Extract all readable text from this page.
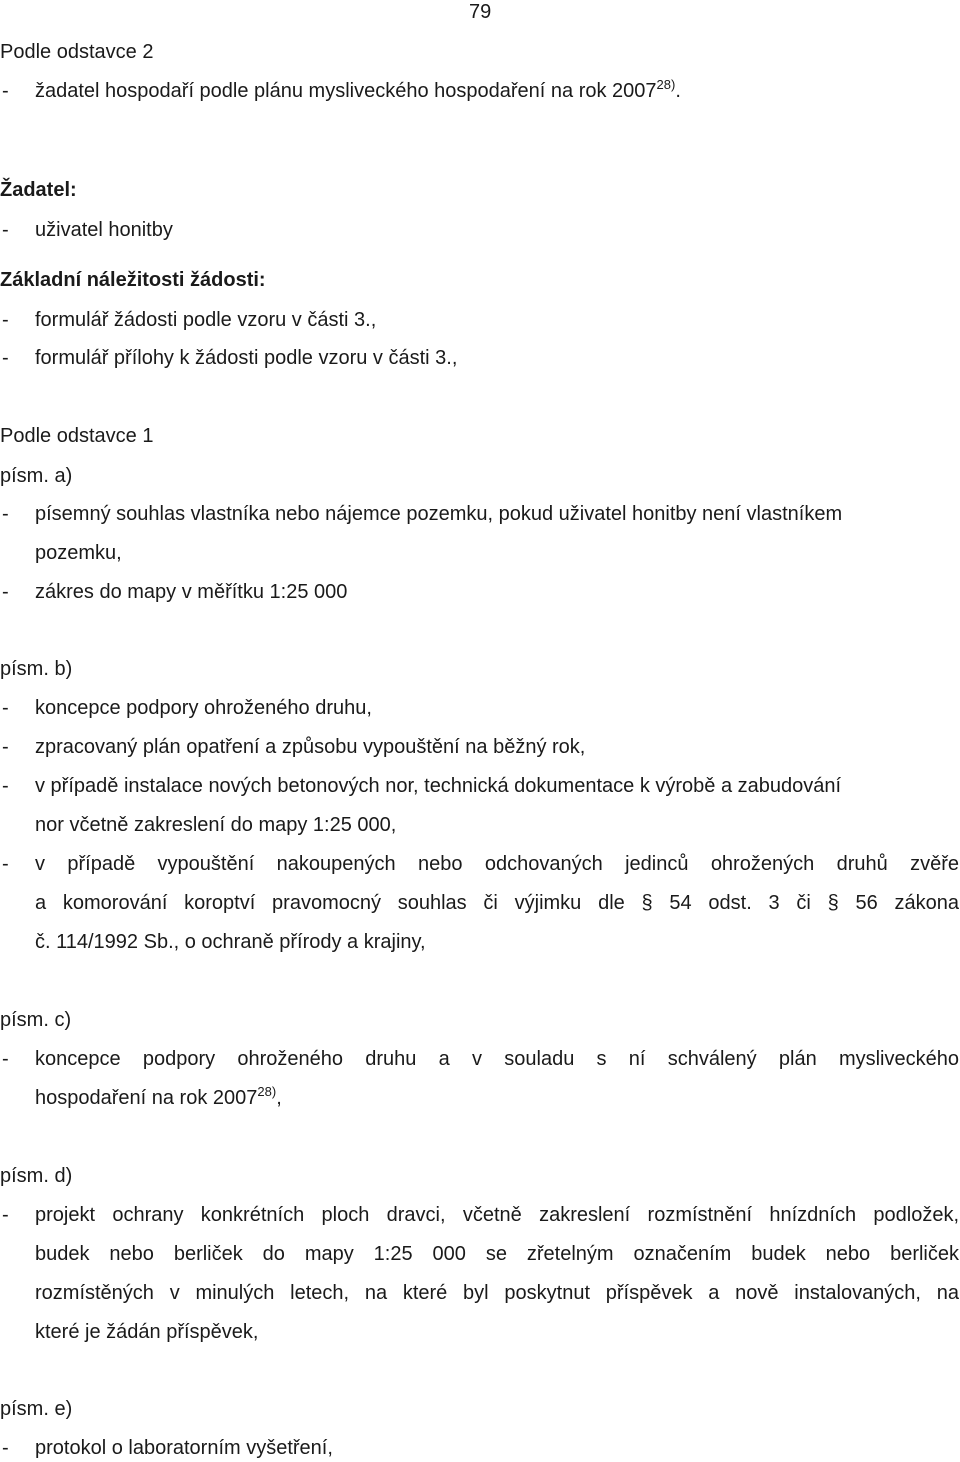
79
Podle odstavce 2
- žadatel hospodaří podle plánu mysliveckého hospodaření na rok 2007$^{28)}$.
Žadatel:
- uživatel honitby
Základní náležitosti žádosti:
- formulář žádosti podle vzoru v části 3.,
- formulář přílohy k žádosti podle vzoru v části 3.,
Podle odstavce 1
písm. a)
- písemný souhlas vlastníka nebo nájemce pozemku, pokud uživatel honitby není vlastníkem
pozemku,
- zákres do mapy v měřítku 1:25 000
písm. b)
- koncepce podpory ohroženého druhu,
- zpracovaný plán opatření a způsobu vypouštění na běžný rok,
- v případě instalace nových betonových nor, technická dokumentace k výrobě a zabudování
nor včetně zakreslení do mapy 1:25 000,
- v případě vypouštění nakoupených nebo odchovaných jedinců ohrožených druhů zvěře
a komorování koroptví pravomocný souhlas či výjimku dle § 54 odst. 3 či § 56 zákona
č. 114/1992 Sb., o ochraně přírody a krajiny,
písm. c)
- koncepce podpory ohroženého druhu a v souladu s ní schválený plán mysliveckého
hospodaření na rok 2007$^{28)}$,
písm. d)
- projekt ochrany konkrétních ploch dravci, včetně zakreslení rozmístnění hnízdních podložek,
budek nebo berliček do mapy 1:25 000 se zřetelným označením budek nebo berliček
rozmístěných v minulých letech, na které byl poskytnut příspěvek a nově instalovaných, na
které je žádán příspěvek,
písm. e)
- protokol o laboratorním vyšetření,
